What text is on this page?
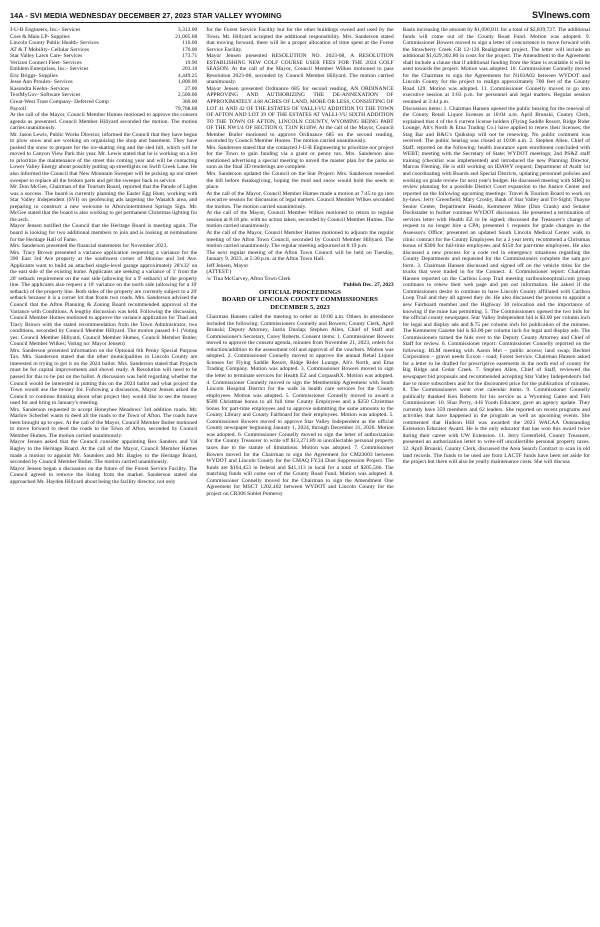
14A - SVI MEDIA WEDNESDAY DECEMBER 27, 2023 STAR VALLEY WYOMING	SVInews.com
J-U-B Engineers, Inc.- Services	3,312.00
Core & Main LP- Supplies	21,005.68
Lincoln County Public Health- Services	116.00
AT & T Mobility- Cellular Services	176.00
Star Valley Lawn Care- Services	173.71
Verizon Connect Fleet- Services	19.90
Emblem Enterprises, Inc.- Services	203.16
Eric Briggs- Supplies	4,449.25
Jesse Ann Proulex- Services	1,800.00
Kasondra Keehn- Services	27.00
TextMyGov- Software Services	2,500.00
Great-West Trust Company- Deferred Comp	360.00
Payroll	79,768.68

At the call of the Mayor, Council Member Humes motioned to approve the consent agenda as presented. Council Member Hillyard seconded the motion. The motion carries unanimously.

Mr. Jason Lewis, Public Works Director, informed the Council that they have begun to plow snow and are working on organizing the shop and basement. They have pushed the snow to prepare for the ice-skating ring and the sled hill, which will be moved to Canyon View Park this year. Mr. Lewis stated that he is working on a list to prioritize the maintenance of the street this coming year and will be contacting Lower Valley Energy about possibly putting up streetlights on Swift Creek Lane. He also informed the Council that New Mountain Sweeper will be picking up our street sweeper to replace all the broken parts and get the sweeper back in service.

Mr. Don McGee, Chairman of the Tourism Board, reported that the Parade of Lights was a success. The board is currently planning the Easter Egg Hunt, working with Star Valley Independent (SVI) on geofencing ads targeting the Wasatch area, and preparing to construct a new welcome to Afton/intermittent Springs Sign. Mr. McGee stated that the board is also working to get permanent Christmas lighting for the arch.

Mayor Jensen notified the Council that the Heritage Board is meeting again. The board is looking for two additional members to join and is looking at nominations for the Heritage Hall of Fame.

Mrs. Sanderson presented the financial statements for November 2023.

Mrs. Tracy Brown presented a variance application requesting a variance for the 390 East 3rd Ave property at the southwest corner of Monroe and 3rd Ave. Applicants want to build an attached single-level garage approximately 28'x32' on the east side of the existing home. Applicants are seeking a variance of 1' from the 20' setback requirement on the east side (allowing for a 9' setback) of the property line. The applicants also request a 10' variance on the north side (allowing for a 10' setback) of the property line. Both sides of the property are currently subject to a 20' setback because it is a corner lot that fronts two roads. Mrs. Sanderson advised the Council that the Afton Planning & Zoning Board recommended approval of the Variance with Conditions. A lengthy discussion was held. Following the discussion, Council Member Humes motioned to approve the variance application for Thad and Tracy Brown with the stated recommendation from the Town Administrator, two conditions, seconded by Council Member Hillyard. The motion passed 4-1 (Voting yes: Council Member Hillyard, Council Member Humes, Council Member Butler, Council Member Wilkes; Voting no: Mayor Jensen)

Mrs. Sanderson presented information on the Optional 6th Penny Special Purpose Tax. Mrs. Sanderson stated that the other municipalities in Lincoln County are interested in trying to get it on the 2024 ballot. Mrs. Sanderson stated that Projects must be for capital improvements and shovel ready. A Resolution will need to be passed for this to be put on the ballot. A discussion was held regarding whether the Council would be interested in putting this on the 2024 ballot and what project the Town would use the money for. Following a discussion, Mayor Jensen asked the Council to continue thinking about what project they would like to see the money used for and bring to January's meeting.

Mrs. Sanderson requested to accept Honeybee Meadows' 3rd addition roads. Mr. Marlow Scherbel wants to deed all the roads to the Town of Afton. The roads have been brought up to spec. At the call of the Mayor, Council Member Butler motioned to move forward to deed the roads to the Town of Afton, seconded by Council Member Humes. The motion carried unanimously.

Mayor Jensen asked that the Council consider appointing Rex Sanders and Val Bagley to the Heritage Board. At the call of the Mayor, Council Member Humes made a motion to appoint Mr. Saunders and Mr. Bagley to the Heritage Board, seconded by Council Member Butler. The motion carried unanimously.

Mayor Jensen began a discussion on the future of the Forest Service Facility. The Council agreed to remove the listing from the market. Sanderson stated she approached Mr. Hayden Hillyard about being the facility director, not only

for the Forest Service Facility but for the other buildings owned and used by the Town. Mr. Hillyard accepted the additional responsibility. Mrs. Sanderson stated that moving forward, there will be a proper allocation of time spent at the Forest Service Facility.

Mayor Jensen presented RESOLUTION NO. 2023-08, A RESOLUTION ESTABLISHING NEW GOLF COURSE USER FEES FOR THE 2024 GOLF SEASON. At the call of the Mayor, Council Member Wilkes motioned to pass Resolution 2023-08, seconded by Council Member Hillyard. The motion carried unanimously.

Mayor Jensen presented Ordinance 685 for second reading, AN ORDINANCE APPROVING AND AUTHORIZING THE DE-ANNEXATION OF APPROXIMATELY 4.68 ACRES OF LAND, MORE OR LESS, CONSISTING OF LOT 41 AND 42 OF THE ESTATES OF VALLI-VU ADDITION TO THE TOWN OF AFTON AND LOT 39 OF THE ESTATES AT VALLI-VU SIXTH ADDITION TO THE TOWN OF AFTON, LINCOLN COUNTY, WYOMING BEING PART OF THE NW1/4 OF SECTION 6, T31N R118W. At the call of the Mayor, Council Member Butler motioned to approve Ordinance 685 on the second reading, seconded by Council Member Humes. The motion carried unanimously.

Mrs. Sanderson stated that she contacted J-U-B Engineering to prioritize our project for the Town to gain funding via a grant or penny tax. Mrs. Sanderson also mentioned advertising a special meeting to unveil the master plan for the parks as soon as the final 3D renderings are complete.

Mrs. Sanderson updated the Council on the Star Project. Mrs. Sanderson reseeded the hill before thanksgiving, hoping the mud and snow would hold the seeds in place.

At the call of the Mayor, Council Member Humes made a motion at 7:45 to go into executive session for discussion of legal matters. Council Member Wilkes seconded the motion. The motion carried unanimously.

At the call of the Mayor, Council Member Wilkes motioned to return to regular session at 8:18 pm. with no action taken, seconded by Council Member Humes. The motion carried unanimously.

At the call of the Mayor, Council Member Humes motioned to adjourn the regular meeting of the Afton Town Council, seconded by Council Member Hillyard. The motion carried unanimously. The regular meeting adjourned at 8:19 p.m.

The next regular meeting of the Afton Town Council will be held on Tuesday, January 9, 2023, at 5:30 p.m. at the Afton Town Hall.

Jeff Jensen, Mayor

(ATTEST:)

/s/ Tina McGarvey, Afton Town Clerk

Publish Dec. 27, 2023

OFFICIAL PROCEEDINGS

BOARD OF LINCOLN COUNTY COMMISSIONERS

DECEMBER 5, 2023

Chairman Hansen called the meeting to order at 10:00 a.m. Others in attendance included the following: Commissioners Connelly and Bowers; County Clerk, April Brunski; Deputy Attorney, Justin Dunlap; Stephen Allen, Chief of Staff and Commissioner's Secretary, Corey Roberts. Consent items: 1. Commissioner Bowers moved to approve the consent agenda, minutes from November 21, 2023, orders for reduction/addition to the assessment roll and approval of the vouchers. Motion was adopted. 2. Commissioner Connelly moved to approve the annual Retail Liquor licenses for Flying Saddle Resort, Ridge Rider Lounge, Alt's North, and Etna Trading Company. Motion was adopted. 3. Commissioner Bowers moved to sign the letter to terminate services for Health EZ and CorpassRX. Motion was adopted. 4. Commissioner Connelly moved to sign the Membership Agreement with South Lincoln Hospital District for the walk in health care services for the County employees. Motion was adopted. 5. Commissioner Connelly moved to award a $500 Christmas bonus to all full time County Employees and a $250 Christmas bonus for part-time employees and to approve submitting the same amounts to the County Library and County Fairboard for their employees. Motion was adopted. 5. Commissioner Bowers moved to approve Star Valley Independent as the official County newspaper beginning January 1, 2024, through December 31, 2026. Motion was adopted. 6. Commissioner Connelly moved to sign the letter of authorization for the County Treasurer to write off $13,271.89 in uncollectable personal property taxes due to the statute of limitations. Motion was adopted. 7. Commissioner Bowers moved for the Chairman to sign the Agreement for CM23003 between WYDOT and Lincoln County for the CMAQ FY24 Dust Suppression Project. The funds are $164,453 in federal and $41,113 in local for a total of $205,566. The matching funds will come out of the County Road Fund. Motion was adopted. 8. Commissioner Connelly moved for the Chairman to sign the Amendment One Agreement for MSCT 1202.402 between WYDOT and Lincoln County for the project on CR306 Sublet Pomeroy

Basin increasing the amount by $1,090,811 for a total of $2,839,727. The additional funds will come out of the County Road Fund. Motion was adopted. 9. Commissioner Bowers moved to sign a letter of concurrence to move forward with the Strawberry Creek CR 12-126 Realignment project. The letter will include an additional $1,629,302.80 in costs for the project. The Amendment to the Agreement shall include a clause that if additional funding from the State is available it will be used towards the project. Motion was adopted. 10. Commissioner Connelly moved for the Chairman to sign the Agreements for N103A02 between WYDOT and Lincoln County for the project to realign approximately 700 feet of the County Road 129. Motion was adopted. 11. Commissioner Connelly moved to go into executive session at 3:03 p.m. for personnel and legal matters. Regular session resumed at 3:44 p.m.

Discussion items: 1. Chairman Hansen opened the public hearing for the renewal of the County Retail Liquor licenses at 10:04 a.m. April Brunski, County Clerk, explained that 4 of the 6 current license holders (Flying Saddle Resort, Ridge Rider Lounge, Alt's North & Etna Trading Co.) have applied to renew their licenses; the Stag Bar and B&G's Quikstop will not be renewing. No public comment was received. The public hearing was closed at 10:06 a.m. 2. Stephen Allen, Chief of Staff, reported on the following: health insurance open enrollment concluded with WEBT; meeting with the Secretary of State; WYDOT meetings; 2nd PS&Z staff training (checklist was implemented) and introduced the new Planning Director, Marcus Fleming. He is still working on IDAWY request; Department of Audit 1st and coordinating with Boards and Special Districts, updating personnel policies and working on grade review for next year's budget. He discussed meeting with SIRQ to review planning for a possible District Court expansion to the Justice Center and reported on the following upcoming meetings: Travel & Tourism Board to work on by-laws; Jerry Greenfield, Mary Crosby, Bank of Star Valley and Tri-Sight; Thayne Senior Center, Department Heads, Kemmerer Mine (Don Crank) and Senator Dockstader to further continue WYDOT discussion. He presented a termination of services letter with Health EZ to be signed; discussed the Treasurer's change of request to no longer hire a CPA; presented 1 requests for grade changes in the Assessor's Office; presented an updated South Lincoln Medical Center walk in clinic contract for the County Employees for a 2 year term; recommend a Christmas bonus of $300 for full-time employees and $150 for part-time employees. He also discussed a new process for a code red in emergency situations regarding the County Departments and requested for the Commissioners complete the sam.gov form. 3. Chairman Hansen discussed and signed off on the vehicle titles for the trucks that were traded in for the Connect. 4. Commissioner report: Chairman Hansen reported on the Caribou Loop Trail meeting caribouloooptrail.com group continues to renew their web page and put out information. He asked if the Commissioners desire to continue to have Lincoln County affiliated with Caribou Loop Trail and they all agreed they do. He also discussed the process to appoint a new Fairboard member and the Highway 30 relocation and the importance of knowing if the mine has permitting. 5. The Commissioners opened the two bids for the official county newspaper. Star Valley Independent bid is $3.00 per column inch for legal and display ads and $.75 per column inch for publication of the minutes. The Kemmerer Gazette bid is $3.00 per column inch for legal and display ads. The Commissioners turned the bids over to the Deputy County Attorney and Chief of Staff for review. 6. Commissioner report: Commissioner Connelly reported on the following: BLM meeting with Aaron Mei – public access; land swap; Bechtel Corporation – gravel needs Exxon - road; Forest Service. Chairman Hansen asked for a letter to be drafted for prescriptive easements in the north end of county for Big Ridge and Cedar Creek. 7. Stephen Allen, Chief of Staff, reviewed the newspaper bid proposals and recommended accepting Star Valley Independent's bid due to more subscribers and for the discounted price for the publication of minutes. 8. The Commissioners went over calendar items. 9. Commissioner Connelly publically thanked Ken Roberts for his service as a Wyoming Game and Fish Commissioner. 10. Shar Perry, 4-H Youth Educator, gave an agency update. They currently have 359 members and 62 leaders. She reported on recent programs and activities that have happened in the program as well as upcoming events. She commented that Hudson Hill was awarded the 2023 WACAA Outstanding Extension Educator Award. He is the only educator that has won this award twice during their career with UW Extension. 11. Jerry Greenfield, County Treasurer, presented an authorization letter to write-off uncollectible personal property taxes. 12. April Brunski, County Clerk, discussed the Area Search Contract to scan in old land records. The funds to be used are from LACTF funds have been set aside for the project but there will also be yearly maintenance costs. She will discuss
